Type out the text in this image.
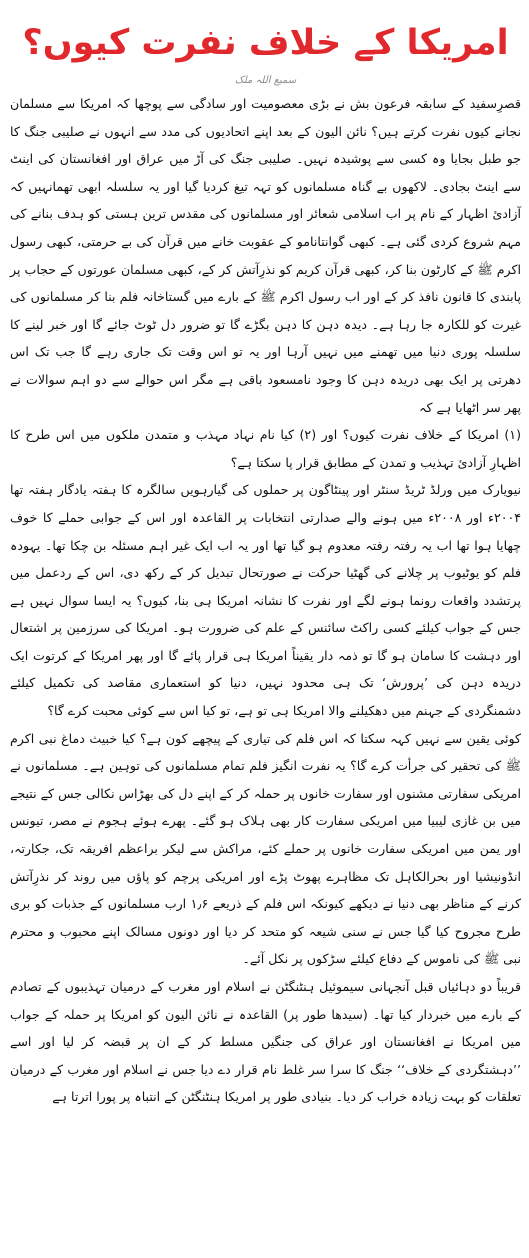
امریکا کے خلاف نفرت کیوں؟
سمیع اللہ ملک

قصرِسفید کے سابقہ فرعون بش نے بڑی معصومیت اور سادگی سے پوچھا کہ امریکا سے مسلمان نجانے کیوں نفرت کرتے ہیں؟ نائن الیون کے بعد اپنے اتحادیوں کی مدد سے انہوں نے صلیبی جنگ کا جو طبل بجایا وہ کسی سے پوشیدہ نہیں۔ صلیبی جنگ کی آڑ میں عراق اور افغانستان کی اینٹ سے اینٹ بجادی۔ لاکھوں بے گناہ مسلمانوں کو تہہ تیغ کردیا گیا اور یہ سلسلہ ابھی تھمانہیں کہ آزادیٔ اظہار کے نام پر اب اسلامی شعائر اور مسلمانوں کی مقدس ترین ہستی کو ہدف بنانے کی مہم شروع کردی گئی ہے۔ کبھی گوانتانامو کے عقوبت خانے میں قرآن کی بے حرمتی، کبھی رسول اکرم ﷺ کے کارٹون بنا کر، کبھی قرآن کریم کو نذرِآتش کر کے، کبھی مسلمان عورتوں کے حجاب پر پابندی کا قانون نافذ کر کے اور اب رسول اکرم ﷺ کے بارے میں گستاخانہ فلم بنا کر مسلمانوں کی غیرت کو للکارہ جا رہا ہے۔ دیدہ دہن کا دہن بگڑے گا تو ضرور دل ٹوٹ جائے گا اور خبر لینے کا سلسلہ پوری دنیا میں تھمنے میں نہیں آرہا اور یہ تو اس وقت تک جاری رہے گا جب تک اس دھرتی پر ایک بھی دریدہ دہن کا وجود نامسعود باقی ہے مگر اس حوالے سے دو اہم سوالات نے پھر سر اٹھایا ہے کہ

(۱) امریکا کے خلاف نفرت کیوں؟ اور (۲) کیا نام نہاد مہذب و متمدن ملکوں میں اس طرح کا اظہارِ آزادیٔ تہذیب و تمدن کے مطابق قرار پا سکتا ہے؟

نیویارک میں ورلڈ ٹریڈ سنٹر اور پینٹاگون پر حملوں کی گیارہویں سالگرہ کا ہفتہ یادگار ہفتہ تھا ۲۰۰۴ء اور ۲۰۰۸ء میں ہونے والے صدارتی انتخابات پر القاعدہ اور اس کے جوابی حملے کا خوف چھایا ہوا تھا اب یہ رفتہ رفتہ معدوم ہو گیا تھا اور یہ اب ایک غیر اہم مسئلہ بن چکا تھا۔ یہودہ فلم کو یوٹیوب پر چلانے کی گھٹیا حرکت نے صورتحال تبدیل کر کے رکھ دی، اس کے ردعمل میں پرتشدد واقعات رونما ہونے لگے اور نفرت کا نشانہ امریکا ہی بنا، کیوں؟ یہ ایسا سوال نہیں ہے جس کے جواب کیلئے کسی راکٹ سائنس کے علم کی ضرورت ہو۔ امریکا کی سرزمین پر اشتعال اور دہشت کا سامان ہو گا تو ذمہ دار یقیناً امریکا ہی قرار پائے گا اور پھر امریکا کے کرتوت ایک دریدہ دہن کی ’پرورش‘ تک ہی محدود نہیں، دنیا کو استعماری مقاصد کی تکمیل کیلئے دشمنگردی کے جہنم میں دھکیلنے والا امریکا ہی تو ہے، تو کیا اس سے کوئی محبت کرے گا؟

کوئی یقین سے نہیں کہہ سکتا کہ اس فلم کی تیاری کے پیچھے کون ہے؟ کیا خبیث دماغ نبی اکرم ﷺ کی تحقیر کی جرأت کرے گا؟ یہ نفرت انگیز فلم تمام مسلمانوں کی توہین ہے۔ مسلمانوں نے امریکی سفارتی مشنوں اور سفارت خانوں پر حملہ کر کے اپنے دل کی بھڑاس نکالی جس کے نتیجے میں بن غازی لیبیا میں امریکی سفارت کار بھی ہلاک ہو گئے۔ پھرے ہوئے ہجوم نے مصر، تیونس اور یمن میں امریکی سفارت خانوں پر حملے کئے، مراکش سے لیکر براعظم افریقہ تک، جکارتہ، انڈونیشیا اور بحرالکاہل تک مظاہرے پھوٹ پڑے اور امریکی پرچم کو پاؤں میں روند کر نذرِآتش کرنے کے مناظر بھی دنیا نے دیکھے کیونکہ اس فلم کے ذریعے ۱٫۶ ارب مسلمانوں کے جذبات کو بری طرح مجروح کیا گیا جس نے سنی شیعہ کو متحد کر دیا اور دونوں مسالک اپنے محبوب و محترم نبی ﷺ کی ناموس کے دفاع کیلئے سڑکوں پر نکل آئے۔

قریباً دو دہائیاں قبل آنجہانی سیموئیل ہنٹنگٹن نے اسلام اور مغرب کے درمیان تہذیبوں کے تصادم کے بارے میں خبردار کیا تھا۔ (سیدھا طور پر) القاعدہ نے نائن الیون کو امریکا پر حملہ کے جواب میں امریکا نے افغانستان اور عراق کی جنگیں مسلط کر کے ان پر قبضہ کر لیا اور اسے ’’دہشتگردی کے خلاف‘‘ جنگ کا سرا سر غلط نام قرار دے دیا جس نے اسلام اور مغرب کے درمیان تعلقات کو بہت زیادہ خراب کر دیا۔ بنیادی طور پر امریکا ہنٹنگٹن کے انتباہ پر پورا اترتا ہے
